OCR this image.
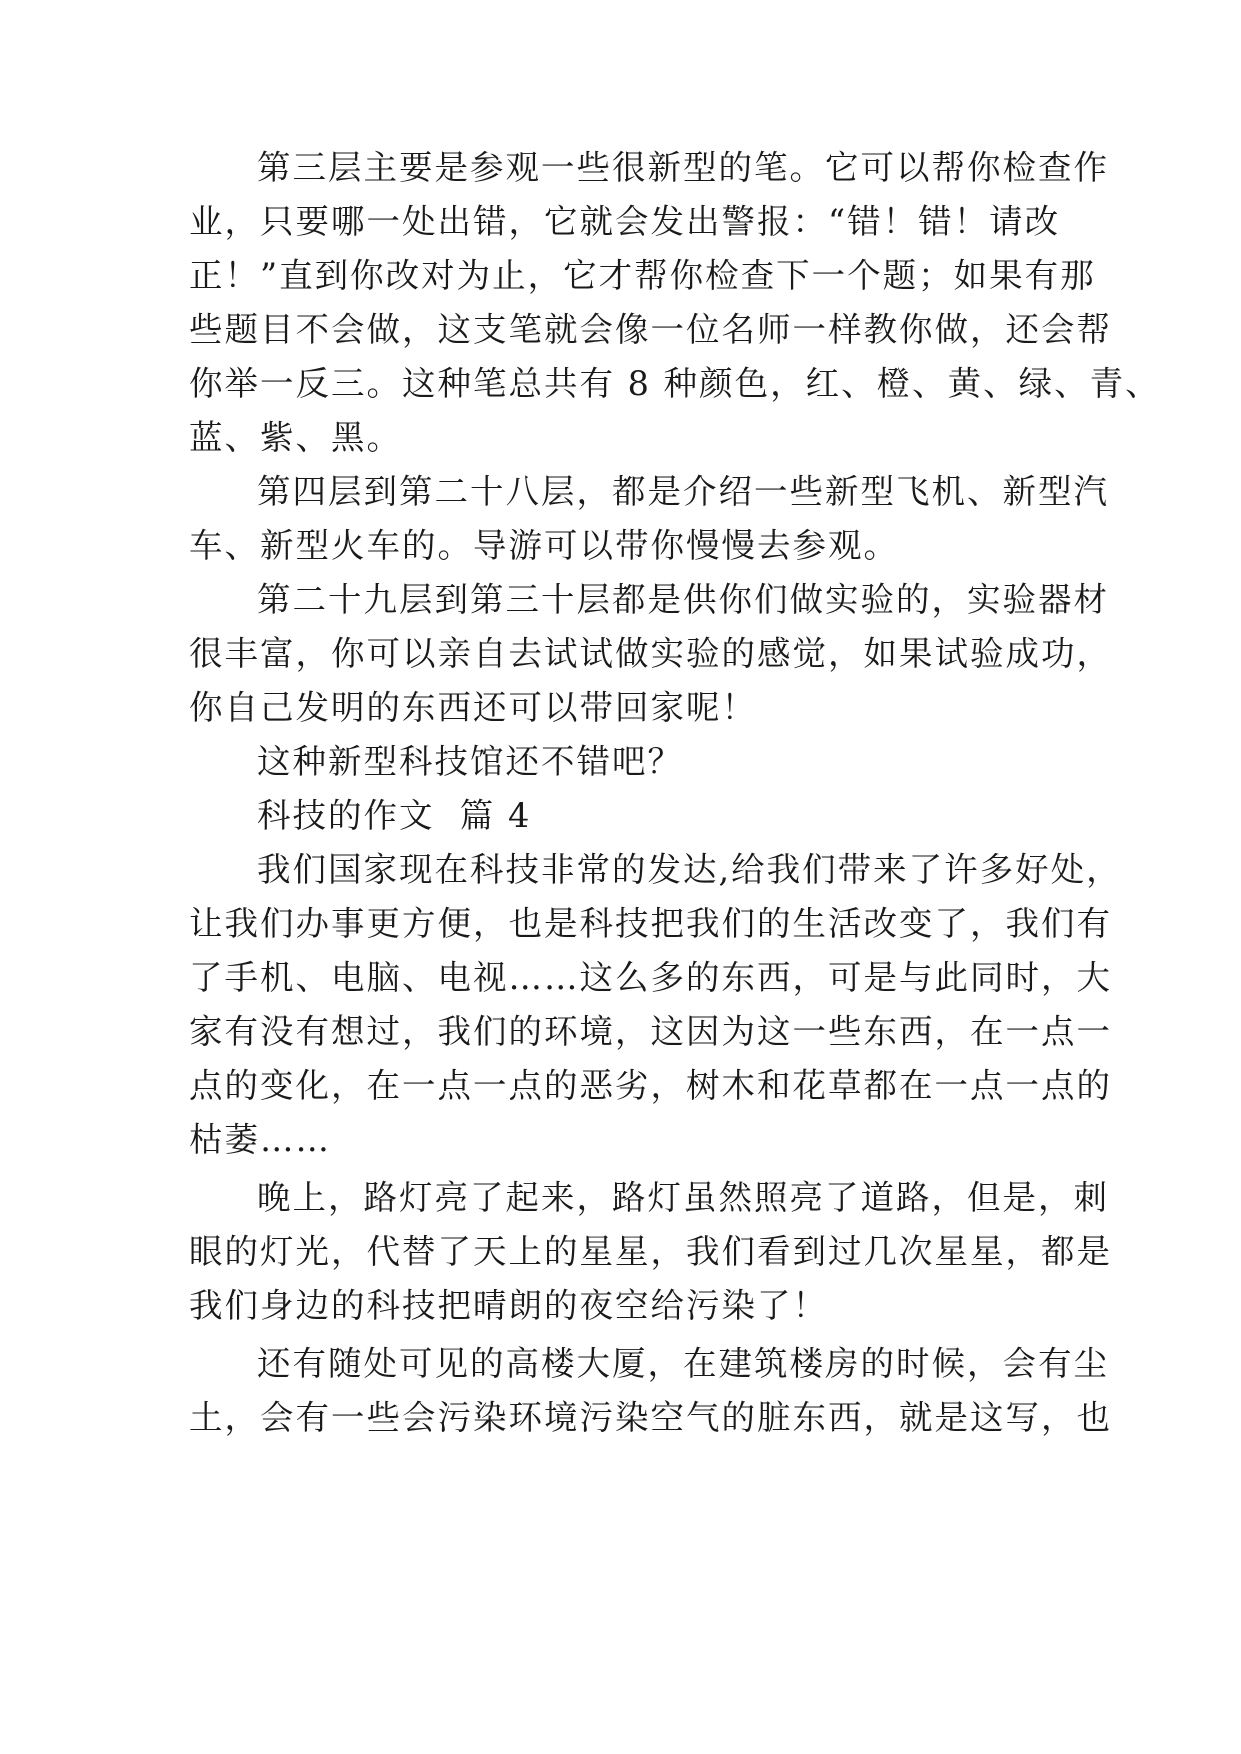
第三层主要是参观一些很新型的笔。它可以帮你检查作
业，只要哪一处出错，它就会发出警报：“错！错！请改
正！”直到你改对为止，它才帮你检查下一个题；如果有那
些题目不会做，这支笔就会像一位名师一样教你做，还会帮
你举一反三。这种笔总共有 8 种颜色，红、橙、黄、绿、青、
蓝、紫、黑。
第四层到第二十八层，都是介绍一些新型飞机、新型汽
车、新型火车的。导游可以带你慢慢去参观。
第二十九层到第三十层都是供你们做实验的，实验器材
很丰富，你可以亲自去试试做实验的感觉，如果试验成功，
你自己发明的东西还可以带回家呢！
这种新型科技馆还不错吧？
科技的作文  篇 4
我们国家现在科技非常的发达,给我们带来了许多好处，
让我们办事更方便，也是科技把我们的生活改变了，我们有
了手机、电脑、电视……这么多的东西，可是与此同时，大
家有没有想过，我们的环境，这因为这一些东西，在一点一
点的变化，在一点一点的恶劣，树木和花草都在一点一点的
枯萎……
晚上，路灯亮了起来，路灯虽然照亮了道路，但是，刺
眼的灯光，代替了天上的星星，我们看到过几次星星，都是
我们身边的科技把晴朗的夜空给污染了！
还有随处可见的高楼大厦，在建筑楼房的时候，会有尘
土，会有一些会污染环境污染空气的脏东西，就是这写，也
